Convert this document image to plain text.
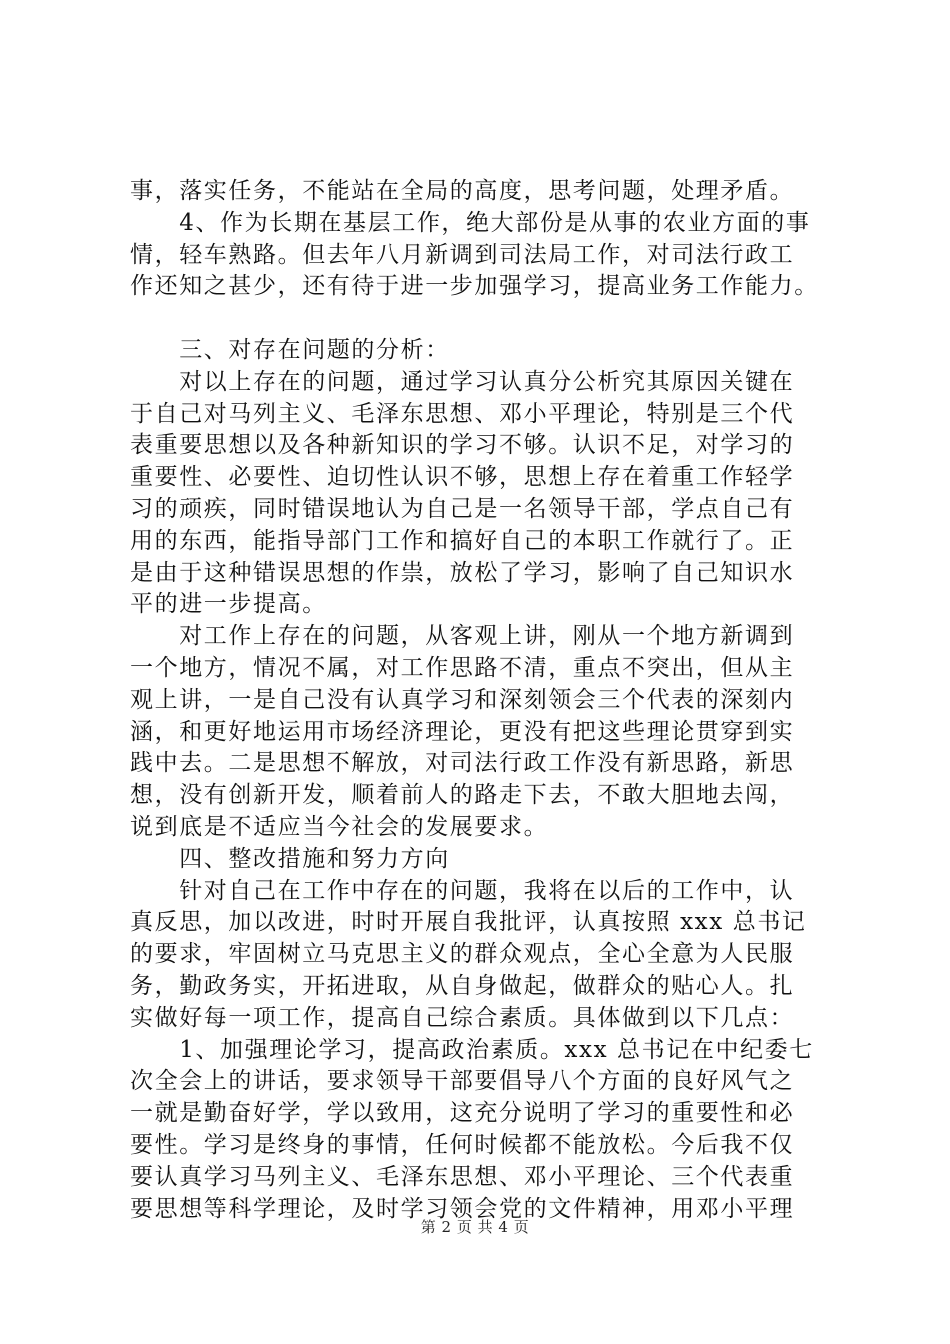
事，落实任务，不能站在全局的高度，思考问题，处理矛盾。
　　4、作为长期在基层工作，绝大部份是从事的农业方面的事
情，轻车熟路。但去年八月新调到司法局工作，对司法行政工
作还知之甚少，还有待于进一步加强学习，提高业务工作能力。
　　三、对存在问题的分析：
　　对以上存在的问题，通过学习认真分公析究其原因关键在
于自己对马列主义、毛泽东思想、邓小平理论，特别是三个代
表重要思想以及各种新知识的学习不够。认识不足，对学习的
重要性、必要性、迫切性认识不够，思想上存在着重工作轻学
习的顽疾，同时错误地认为自己是一名领导干部，学点自己有
用的东西，能指导部门工作和搞好自己的本职工作就行了。正
是由于这种错误思想的作祟，放松了学习，影响了自己知识水
平的进一步提高。
　　对工作上存在的问题，从客观上讲，刚从一个地方新调到
一个地方，情况不属，对工作思路不清，重点不突出，但从主
观上讲，一是自己没有认真学习和深刻领会三个代表的深刻内
涵，和更好地运用市场经济理论，更没有把这些理论贯穿到实
践中去。二是思想不解放，对司法行政工作没有新思路，新思
想，没有创新开发，顺着前人的路走下去，不敢大胆地去闯，
说到底是不适应当今社会的发展要求。
　　四、整改措施和努力方向
　　针对自己在工作中存在的问题，我将在以后的工作中，认
真反思，加以改进，时时开展自我批评，认真按照 xxx 总书记
的要求，牢固树立马克思主义的群众观点，全心全意为人民服
务，勤政务实，开拓进取，从自身做起，做群众的贴心人。扎
实做好每一项工作，提高自己综合素质。具体做到以下几点：
　　1、加强理论学习，提高政治素质。xxx 总书记在中纪委七
次全会上的讲话，要求领导干部要倡导八个方面的良好风气之
一就是勤奋好学，学以致用，这充分说明了学习的重要性和必
要性。学习是终身的事情，任何时候都不能放松。今后我不仅
要认真学习马列主义、毛泽东思想、邓小平理论、三个代表重
要思想等科学理论，及时学习领会党的文件精神，用邓小平理
第 2 页 共 4 页
